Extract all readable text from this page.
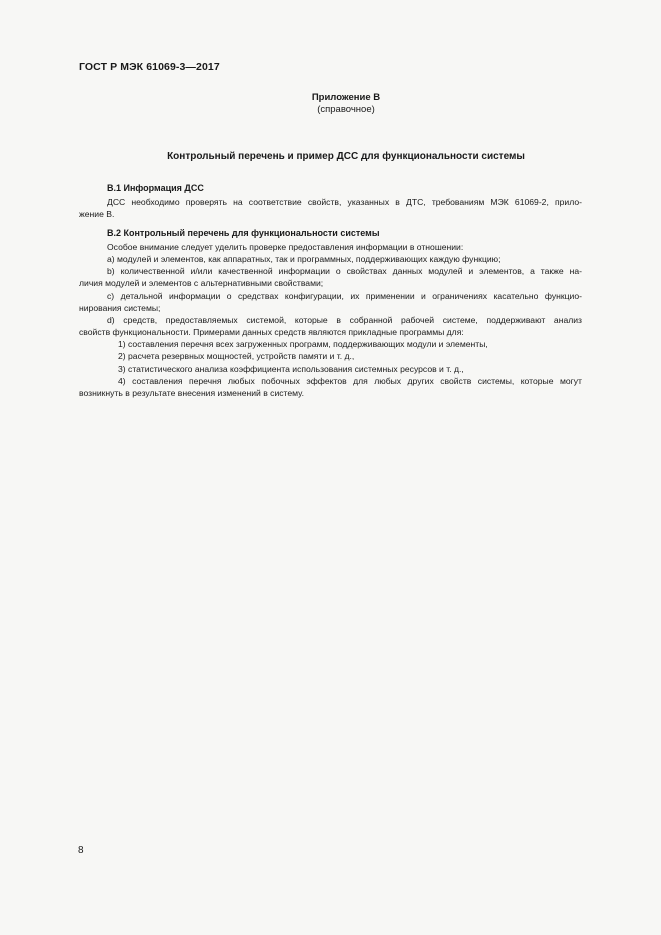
ГОСТ Р МЭК 61069-3—2017
Приложение В
(справочное)
Контрольный перечень и пример ДСС для функциональности системы
В.1 Информация ДСС
ДСС необходимо проверять на соответствие свойств, указанных в ДТС, требованиям МЭК 61069-2, прило-
жение В.
В.2 Контрольный перечень для функциональности системы
Особое внимание следует уделить проверке предоставления информации в отношении:
а) модулей и элементов, как аппаратных, так и программных, поддерживающих каждую функцию;
b) количественной и/или качественной информации о свойствах данных модулей и элементов, а также на-
личия модулей и элементов с альтернативными свойствами;
с) детальной информации о средствах конфигурации, их применении и ограничениях касательно функцио-
нирования системы;
d) средств, предоставляемых системой, которые в собранной рабочей системе, поддерживают анализ
свойств функциональности. Примерами данных средств являются прикладные программы для:
1) составления перечня всех загруженных программ, поддерживающих модули и элементы,
2) расчета резервных мощностей, устройств памяти и т. д.,
3) статистического анализа коэффициента использования системных ресурсов и т. д.,
4) составления перечня любых побочных эффектов для любых других свойств системы, которые могут
возникнуть в результате внесения изменений в систему.
8
